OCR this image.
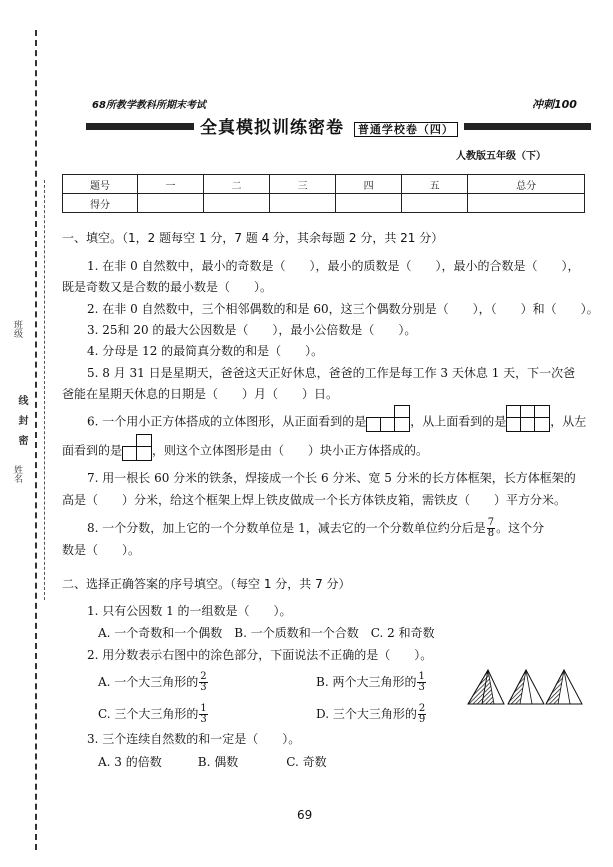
班级
线　封　密
姓名
68所教学教科所期末考试	冲刺100
全真模拟训练密卷 普通学校卷（四）
人教版五年级（下）
题号	一	二	三	四	五	总分
得分						
一、填空。（1，2 题每空 1 分，7 题 4 分，其余每题 2 分，共 21 分）
1. 在非 0 自然数中，最小的奇数是（　　），最小的质数是（　　），最小的合数是（　　），
既是奇数又是合数的最小数是（　　）。
2. 在非 0 自然数中，三个相邻偶数的和是 60，这三个偶数分别是（　　），（　　）和（　　）。
3. 25和 20 的最大公因数是（　　），最小公倍数是（　　）。
4. 分母是 12 的最简真分数的和是（　　）。
5. 8 月 31 日是星期天，爸爸这天正好休息，爸爸的工作是每工作 3 天休息 1 天，下一次爸
爸能在星期天休息的日期是（　　）月（　　）日。
6. 一个用小正方体搭成的立体图形，从正面看到的是	，从上面看到的是	，从左
面看到的是	，则这个立体图形是由（　　）块小正方体搭成的。
7. 用一根长 60 分米的铁条，焊接成一个长 6 分米、宽 5 分米的长方体框架，长方体框架的
高是（　　）分米，给这个框架上焊上铁皮做成一个长方体铁皮箱，需铁皮（　　）平方分米。
8. 一个分数，加上它的一个分数单位是 1，减去它的一个分数单位约分后是 $\frac{7}{8}$ 。这个分
数是（　　）。
二、选择正确答案的序号填空。（每空 1 分，共 7 分）
1. 只有公因数 1 的一组数是（　　）。
A. 一个奇数和一个偶数　B. 一个质数和一个合数　C. 2 和奇数
2. 用分数表示右图中的涂色部分，下面说法不正确的是（　　）。
A. 一个大三角形的 $\frac{2}{3}$	B. 两个大三角形的 $\frac{1}{3}$
C. 三个大三角形的 $\frac{1}{3}$	D. 三个大三角形的 $\frac{2}{9}$
3. 三个连续自然数的和一定是（　　）。
A. 3 的倍数　　　B. 偶数　　　　C. 奇数
69
